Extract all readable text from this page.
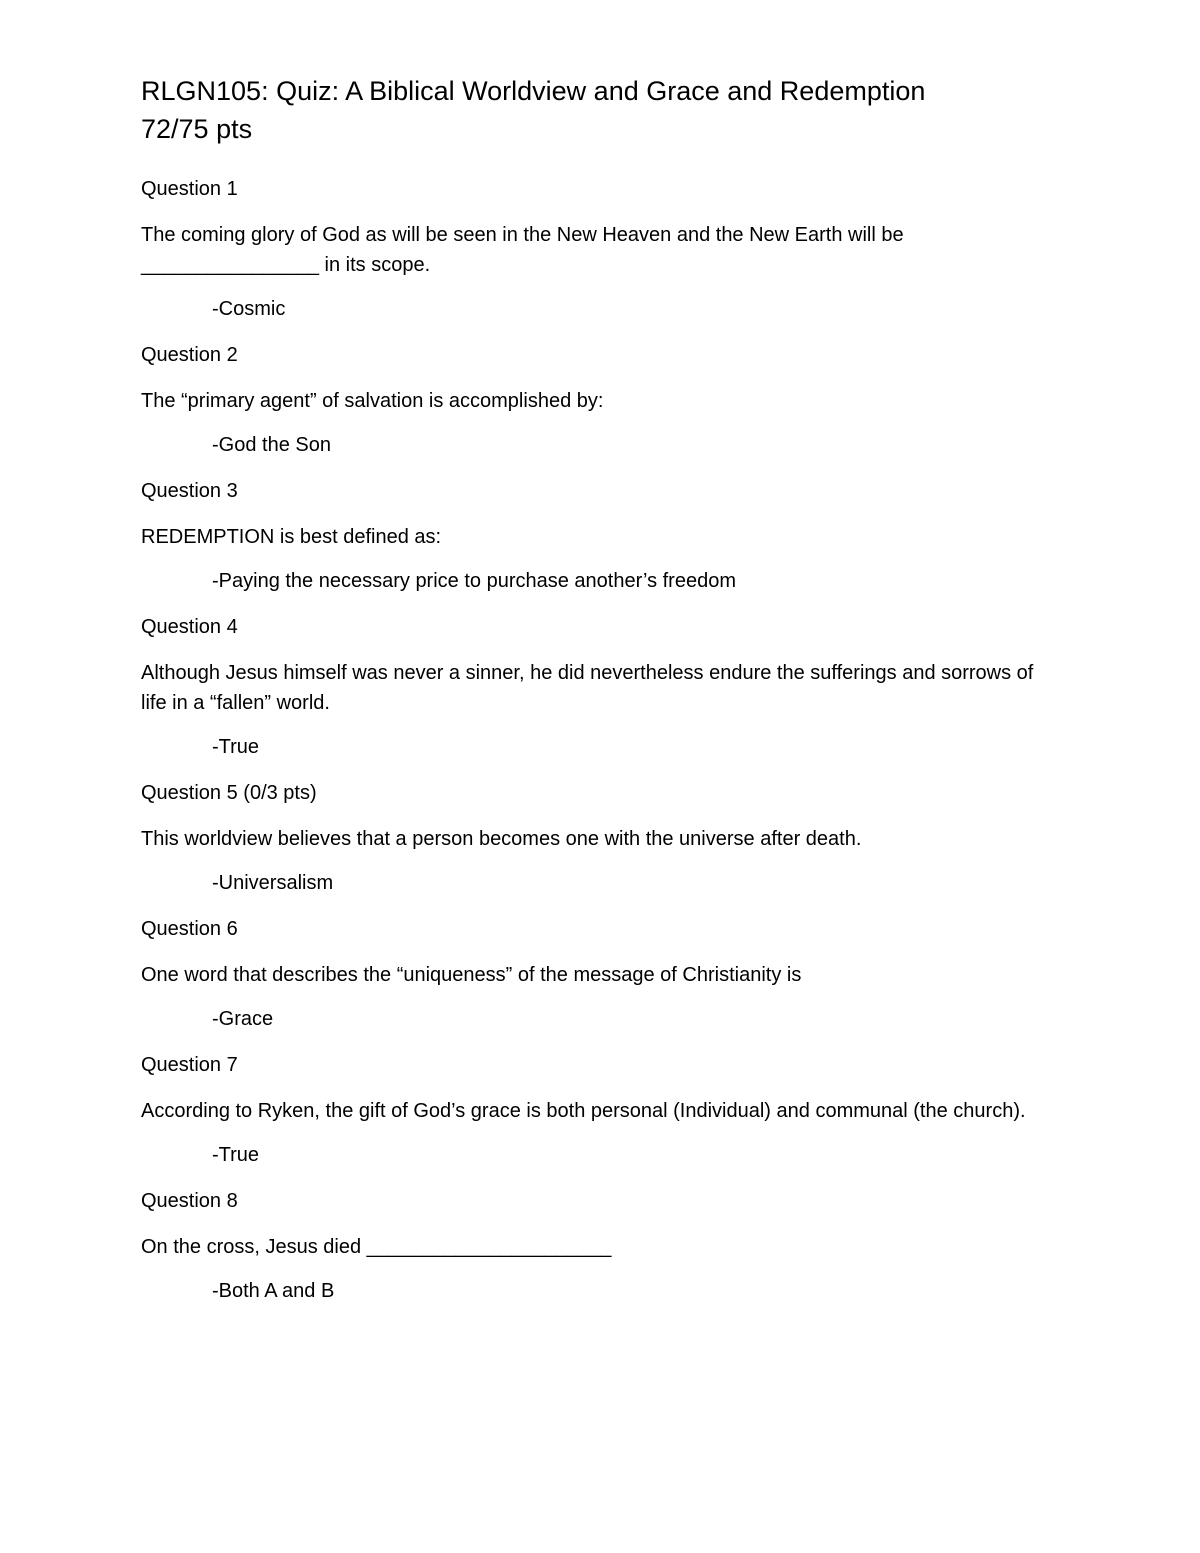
RLGN105: Quiz: A Biblical Worldview and Grace and Redemption
72/75 pts

Question 1

The coming glory of God as will be seen in the New Heaven and the New Earth will be ________________ in its scope.

-Cosmic

Question 2

The “primary agent” of salvation is accomplished by:

-God the Son

Question 3

REDEMPTION is best defined as:

-Paying the necessary price to purchase another’s freedom

Question 4

Although Jesus himself was never a sinner, he did nevertheless endure the sufferings and sorrows of life in a “fallen” world.

-True

Question 5 (0/3 pts)

This worldview believes that a person becomes one with the universe after death.

-Universalism

Question 6

One word that describes the “uniqueness” of the message of Christianity is

-Grace

Question 7

According to Ryken, the gift of God’s grace is both personal (Individual) and communal (the church).

-True

Question 8

On the cross, Jesus died ______________________

-Both A and B
